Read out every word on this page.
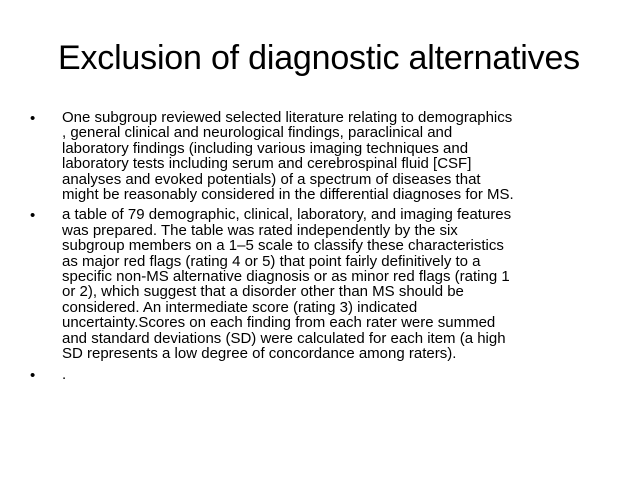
Exclusion of diagnostic alternatives
• One subgroup reviewed selected literature relating to demographics
, general clinical and neurological findings, paraclinical and
laboratory findings (including various imaging techniques and
laboratory tests including serum and cerebrospinal fluid [CSF]
analyses and evoked potentials) of a spectrum of diseases that
might be reasonably considered in the differential diagnoses for MS.
• a table of 79 demographic, clinical, laboratory, and imaging features
was prepared. The table was rated independently by the six
subgroup members on a 1–5 scale to classify these characteristics
as major red flags (rating 4 or 5) that point fairly definitively to a
specific non-MS alternative diagnosis or as minor red flags (rating 1
or 2), which suggest that a disorder other than MS should be
considered. An intermediate score (rating 3) indicated
uncertainty.Scores on each finding from each rater were summed
and standard deviations (SD) were calculated for each item (a high
SD represents a low degree of concordance among raters).
• .
